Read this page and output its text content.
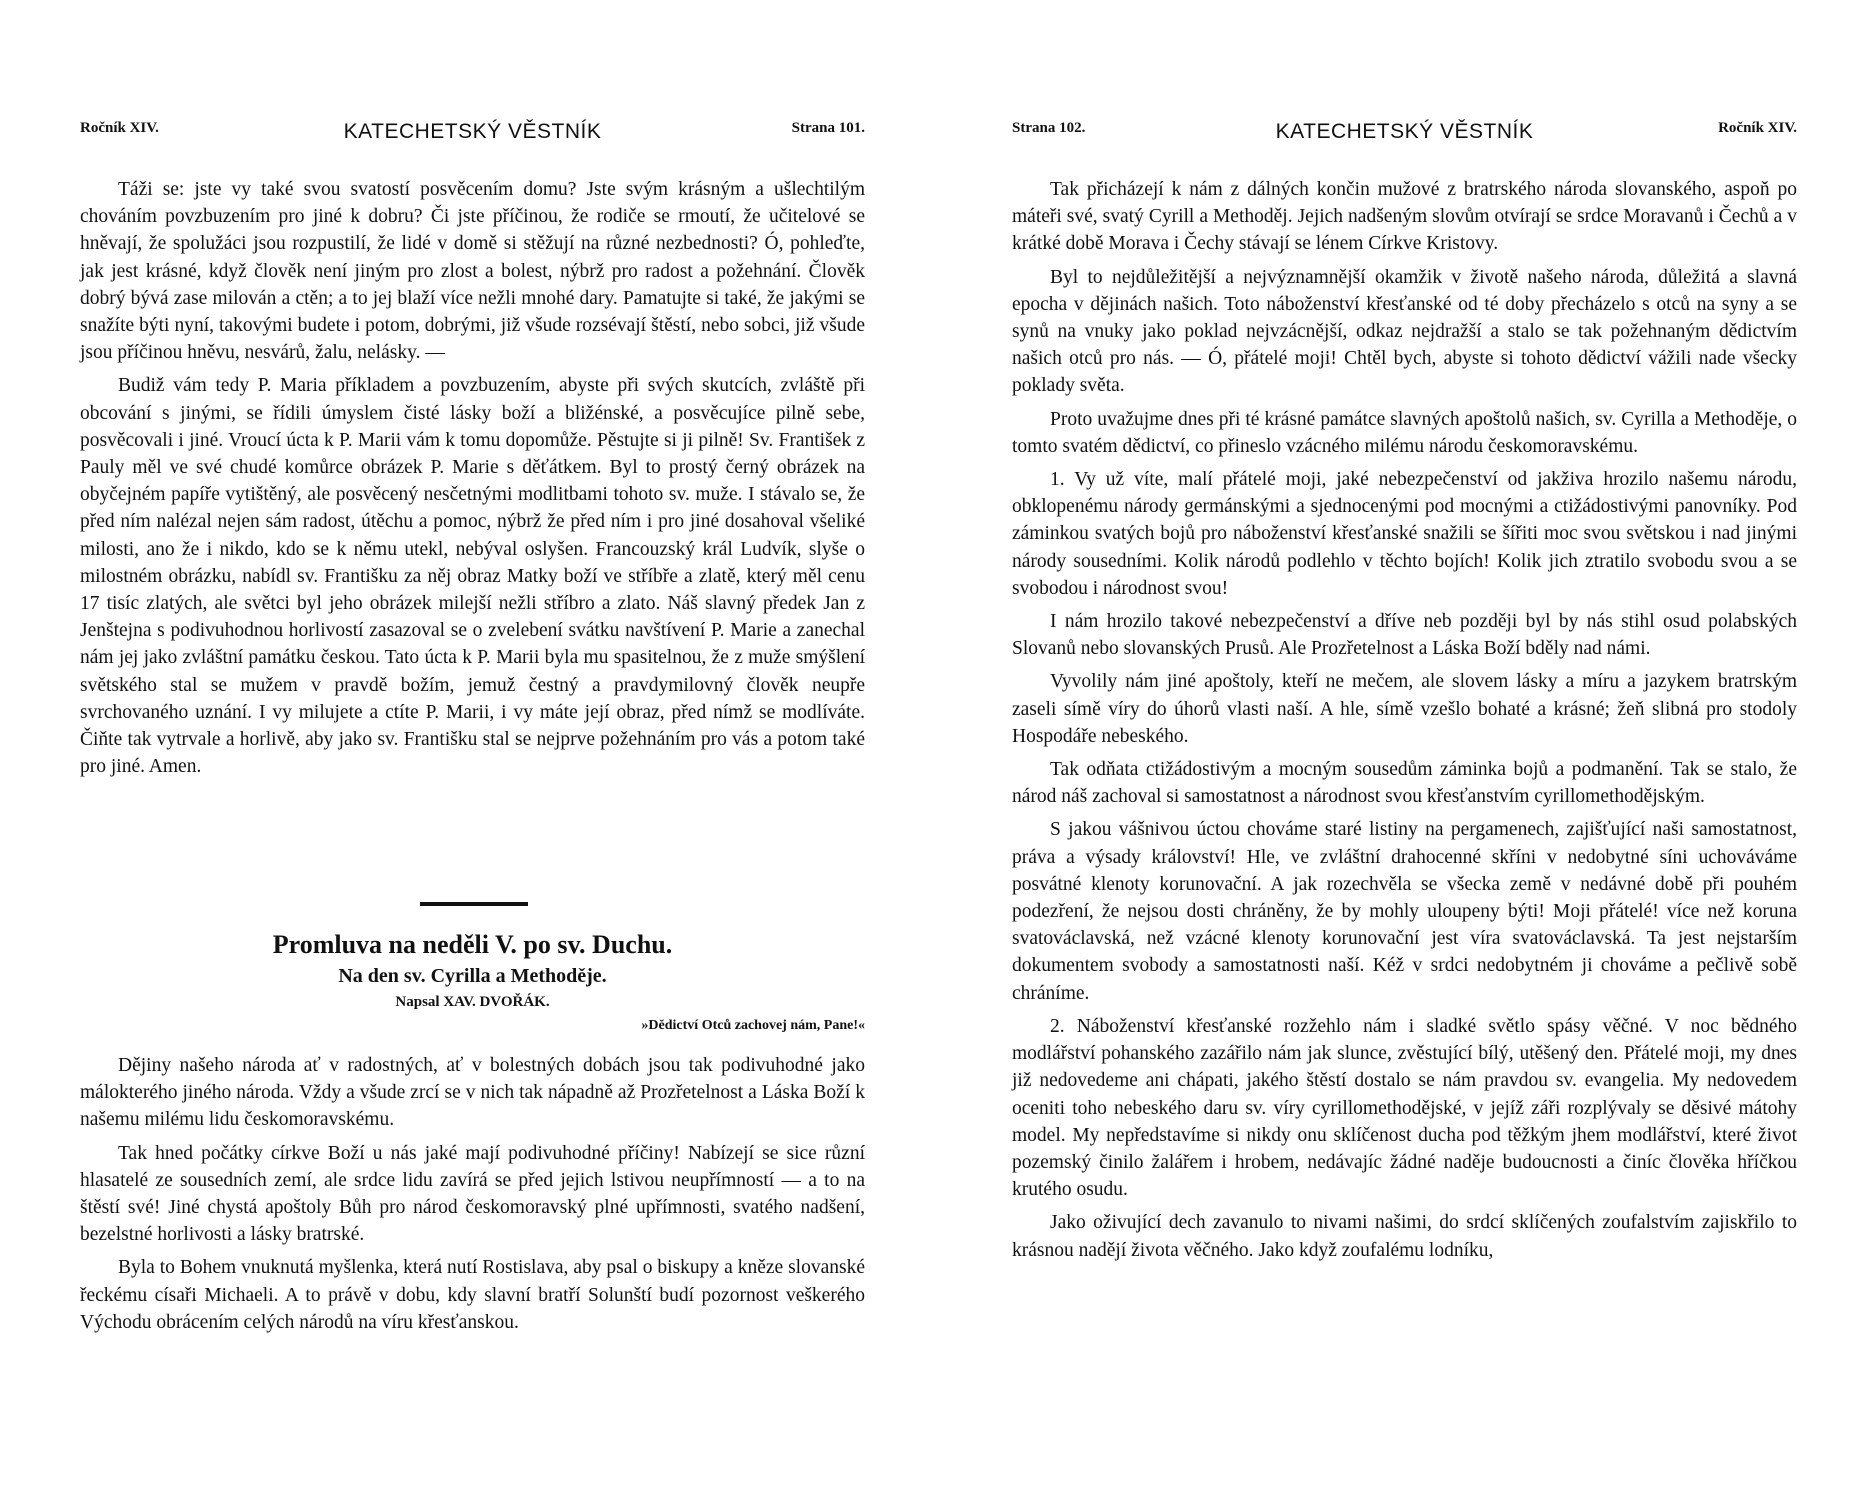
Ročník XIV.	KATECHETSKÝ VĚSTNÍK	Strana 101.

Táži se: jste vy také svou svatostí posvěcením domu? Jste svým krásným a ušlechtilým chováním povzbuzením pro jiné k dobru? Či jste příčinou, že rodiče se rmoutí, že učitelové se hněvají, že spolužáci jsou rozpustilí, že lidé v domě si stěžují na různé nezbednosti? Ó, pohleďte, jak jest krásné, když člověk není jiným pro zlost a bolest, nýbrž pro radost a požehnání. Člověk dobrý bývá zase milován a ctěn; a to jej blaží více nežli mnohé dary. Pamatujte si také, že jakými se snažíte býti nyní, takovými budete i potom, dobrými, již všude rozsévají štěstí, nebo sobci, již všude jsou příčinou hněvu, nesvárů, žalu, nelásky. —

Budiž vám tedy P. Maria příkladem a povzbuzením, abyste při svých skutcích, zvláště při obcování s jinými, se řídili úmyslem čisté lásky boží a bližénské, a posvěcujíce pilně sebe, posvěcovali i jiné. Vroucí úcta k P. Marii vám k tomu dopomůže. Pěstujte si ji pilně! Sv. František z Pauly měl ve své chudé komůrce obrázek P. Marie s děťátkem. Byl to prostý černý obrázek na obyčejném papíře vytištěný, ale posvěcený nesčetnými modlitbami tohoto sv. muže. I stávalo se, že před ním nalézal nejen sám radost, útěchu a pomoc, nýbrž že před ním i pro jiné dosahoval všeliké milosti, ano že i nikdo, kdo se k němu utekl, nebýval oslyšen. Francouzský král Ludvík, slyše o milostném obrázku, nabídl sv. Františku za něj obraz Matky boží ve stříbře a zlatě, který měl cenu 17 tisíc zlatých, ale světci byl jeho obrázek milejší nežli stříbro a zlato. Náš slavný předek Jan z Jenštejna s podivuhodnou horlivostí zasazoval se o zvelebení svátku navštívení P. Marie a zanechal nám jej jako zvláštní památku českou. Tato úcta k P. Marii byla mu spasitelnou, že z muže smýšlení světského stal se mužem v pravdě božím, jemuž čestný a pravdymilovný člověk neupře svrchovaného uznání. I vy milujete a ctíte P. Marii, i vy máte její obraz, před nímž se modlíváte. Čiňte tak vytrvale a horlivě, aby jako sv. Františku stal se nejprve požehnáním pro vás a potom také pro jiné. Amen.

Promluva na neděli V. po sv. Duchu.

Na den sv. Cyrilla a Methoděje.

Napsal XAV. DVOŘÁK.

»Dědictví Otců zachovej nám, Pane!«

Dějiny našeho národa ať v radostných, ať v bolestných dobách jsou tak podivuhodné jako málokterého jiného národa. Vždy a všude zrcí se v nich tak nápadně až Prozřetelnost a Láska Boží k našemu milému lidu českomoravskému.

Tak hned počátky církve Boží u nás jaké mají podivuhodné příčiny! Nabízejí se sice různí hlasatelé ze sousedních zemí, ale srdce lidu zavírá se před jejich lstivou neupřímností — a to na štěstí své! Jiné chystá apoštoly Bůh pro národ českomoravský plné upřímnosti, svatého nadšení, bezelstné horlivosti a lásky bratrské.

Byla to Bohem vnuknutá myšlenka, která nutí Rostislava, aby psal o biskupy a kněze slovanské řeckému císaři Michaeli. A to právě v dobu, kdy slavní bratří Solunští budí pozornost veškerého Východu obrácením celých národů na víru křesťanskou.

Strana 102.	KATECHETSKÝ VĚSTNÍK	Ročník XIV.

Tak přicházejí k nám z dálných končin mužové z bratrského národa slovanského, aspoň po máteři své, svatý Cyrill a Methoděj. Jejich nadšeným slovům otvírají se srdce Moravanů i Čechů a v krátké době Morava i Čechy stávají se lénem Církve Kristovy.

Byl to nejdůležitější a nejvýznamnější okamžik v životě našeho národa, důležitá a slavná epocha v dějinách našich. Toto náboženství křesťanské od té doby přecházelo s otců na syny a se synů na vnuky jako poklad nejvzácnější, odkaz nejdražší a stalo se tak požehnaným dědictvím našich otců pro nás. — Ó, přátelé moji! Chtěl bych, abyste si tohoto dědictví vážili nade všecky poklady světa.

Proto uvažujme dnes při té krásné památce slavných apoštolů našich, sv. Cyrilla a Methoděje, o tomto svatém dědictví, co přineslo vzácného milému národu českomoravskému.

1. Vy už víte, malí přátelé moji, jaké nebezpečenství od jakživa hrozilo našemu národu, obklopenému národy germánskými a sjednocenými pod mocnými a ctižádostivými panovníky. Pod záminkou svatých bojů pro náboženství křesťanské snažili se šířiti moc svou světskou i nad jinými národy sousedními. Kolik národů podlehlo v těchto bojích! Kolik jich ztratilo svobodu svou a se svobodou i národnost svou!

I nám hrozilo takové nebezpečenství a dříve neb později byl by nás stihl osud polabských Slovanů nebo slovanských Prusů. Ale Prozřetelnost a Láska Boží bděly nad námi.

Vyvolily nám jiné apoštoly, kteří ne mečem, ale slovem lásky a míru a jazykem bratrským zaseli símě víry do úhorů vlasti naší. A hle, símě vzešlo bohaté a krásné; žeň slibná pro stodoly Hospodáře nebeského.

Tak odňata ctižádostivým a mocným sousedům záminka bojů a podmanění. Tak se stalo, že národ náš zachoval si samostatnost a národnost svou křesťanstvím cyrillomethodějským.

S jakou vášnivou úctou chováme staré listiny na pergamenech, zajišťující naši samostatnost, práva a výsady království! Hle, ve zvláštní drahocenné skříni v nedobytné síni uchováváme posvátné klenoty korunovační. A jak rozechvěla se všecka země v nedávné době při pouhém podezření, že nejsou dosti chráněny, že by mohly uloupeny býti! Moji přátelé! více než koruna svatováclavská, než vzácné klenoty korunovační jest víra svatováclavská. Ta jest nejstarším dokumentem svobody a samostatnosti naší. Kéž v srdci nedobytném ji chováme a pečlivě sobě chráníme.

2. Náboženství křesťanské rozžehlo nám i sladké světlo spásy věčné. V noc bědného modlářství pohanského zazářilo nám jak slunce, zvěstující bílý, utěšený den. Přátelé moji, my dnes již nedovedeme ani chápati, jakého štěstí dostalo se nám pravdou sv. evangelia. My nedovedem oceniti toho nebeského daru sv. víry cyrillomethodějské, v jejíž záři rozplývaly se děsivé mátohy model. My nepředstavíme si nikdy onu sklíčenost ducha pod těžkým jhem modlářství, které život pozemský činilo žalářem i hrobem, nedávajíc žádné naděje budoucnosti a činíc člověka hříčkou krutého osudu.

Jako oživující dech zavanulo to nivami našimi, do srdcí sklíčených zoufalstvím zajiskřilo to krásnou nadějí života věčného. Jako když zoufalému lodníku,
